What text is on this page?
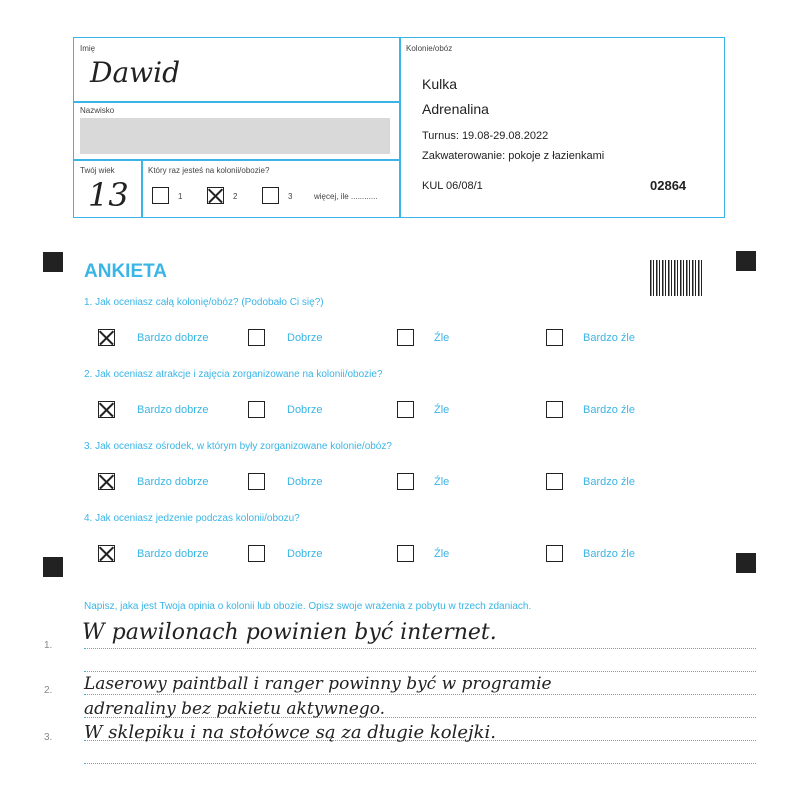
Imię
Dawid
Nazwisko
Twój wiek
13
Który raz jesteś na kolonii/obozie?
1	2	3	więcej, ile ............
Kolonie/obóz
Kulka
Adrenalina
Turnus: 19.08-29.08.2022
Zakwaterowanie: pokoje z łazienkami
KUL 06/08/1	02864
ANKIETA
1. Jak oceniasz całą kolonię/obóz? (Podobało Ci się?)
Bardzo dobrze	Dobrze	Źle	Bardzo źle
2. Jak oceniasz atrakcje i zajęcia zorganizowane na kolonii/obozie?
Bardzo dobrze	Dobrze	Źle	Bardzo źle
3. Jak oceniasz ośrodek, w którym były zorganizowane kolonie/obóz?
Bardzo dobrze	Dobrze	Źle	Bardzo źle
4. Jak oceniasz jedzenie podczas kolonii/obozu?
Bardzo dobrze	Dobrze	Źle	Bardzo źle
Napisz, jaka jest Twoja opinia o kolonii lub obozie. Opisz swoje wrażenia z pobytu w trzech zdaniach.
1.
2.
3.
W pawilonach powinien być internet.
Laserowy paintball i ranger powinny być w programie
adrenaliny bez pakietu aktywnego.
W sklepiku i na stołówce są za długie kolejki.
